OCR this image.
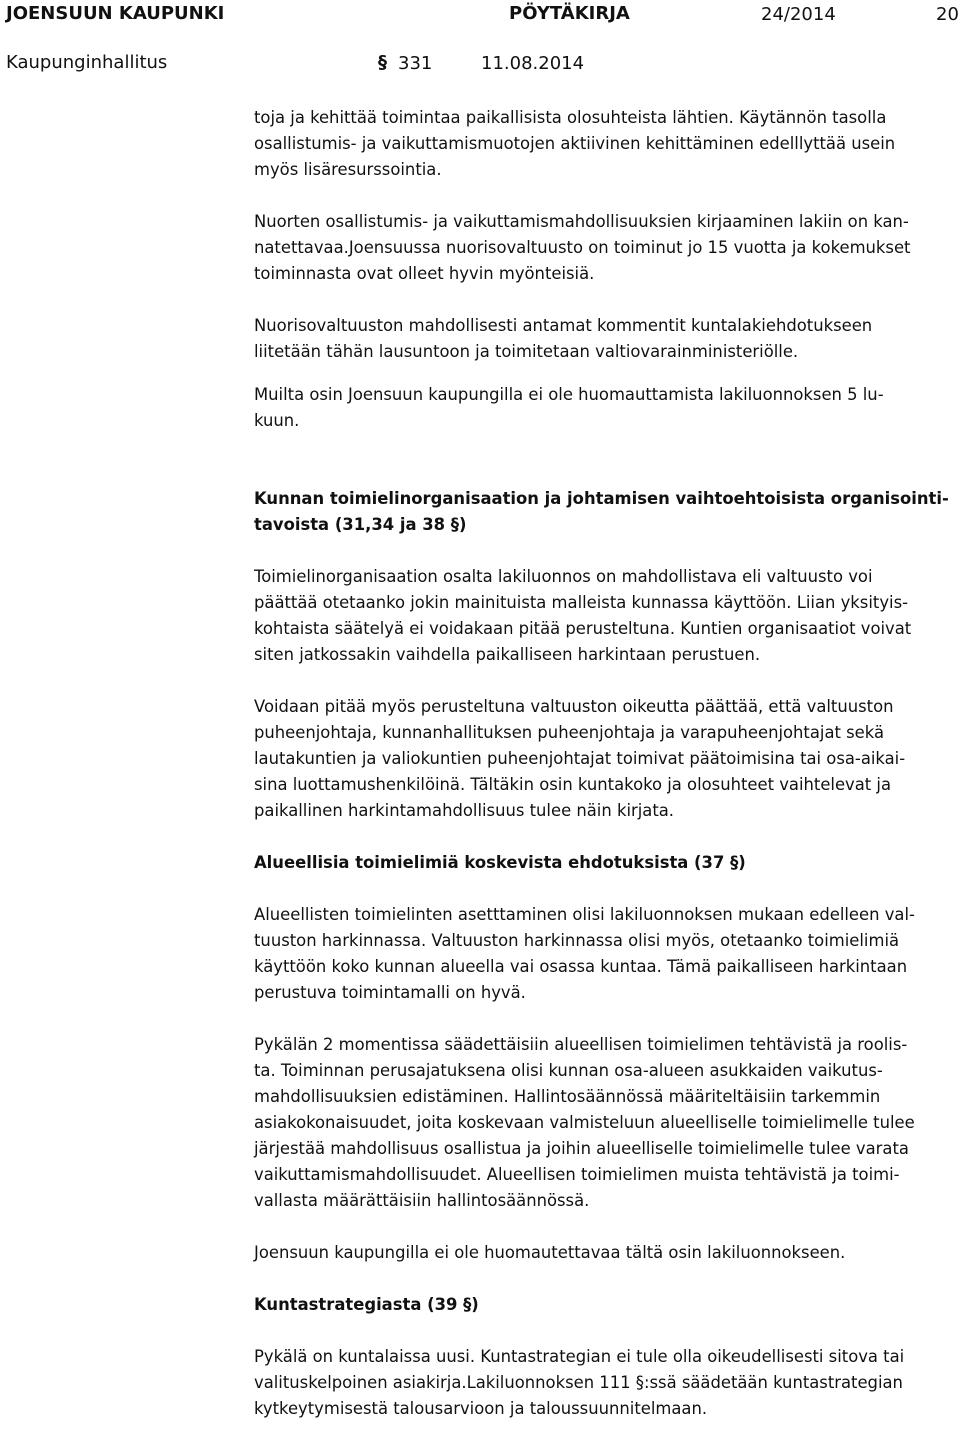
JOENSUUN KAUPUNKI	PÖYTÄKIRJA	24/2014	20
Kaupunginhallitus	§ 331	11.08.2014

toja ja kehittää toimintaa paikallisista olosuhteista lähtien. Käytännön tasolla

osallistumis- ja vaikuttamismuotojen aktiivinen kehittäminen edelllyttää usein

myös lisäresurssointia.

Nuorten osallistumis- ja vaikuttamismahdollisuuksien kirjaaminen lakiin on kan-

natettavaa.Joensuussa nuorisovaltuusto on toiminut jo 15 vuotta ja kokemukset

toiminnasta ovat olleet hyvin myönteisiä.

Nuorisovaltuuston mahdollisesti antamat kommentit kuntalakiehdotukseen

liitetään tähän lausuntoon ja toimitetaan valtiovarainministeriölle.

Muilta osin Joensuun kaupungilla ei ole huomauttamista lakiluonnoksen 5 lu-

kuun.

Kunnan toimielinorganisaation ja johtamisen vaihtoehtoisista organisointi-

tavoista (31,34 ja 38 §)

Toimielinorganisaation osalta lakiluonnos on mahdollistava eli valtuusto voi

päättää otetaanko jokin mainituista malleista kunnassa käyttöön. Liian yksityis-

kohtaista säätelyä ei voidakaan pitää perusteltuna. Kuntien organisaatiot voivat

siten jatkossakin vaihdella paikalliseen harkintaan perustuen.

Voidaan pitää myös perusteltuna valtuuston oikeutta päättää, että valtuuston

puheenjohtaja, kunnanhallituksen puheenjohtaja ja varapuheenjohtajat sekä

lautakuntien ja valiokuntien puheenjohtajat toimivat päätoimisina tai osa-aikai-

sina luottamushenkilöinä. Tältäkin osin kuntakoko ja olosuhteet vaihtelevat ja

paikallinen harkintamahdollisuus tulee näin kirjata.

Alueellisia toimielimiä koskevista ehdotuksista (37 §)

Alueellisten toimielinten asetttaminen olisi lakiluonnoksen mukaan edelleen val-

tuuston harkinnassa. Valtuuston harkinnassa olisi myös, otetaanko toimielimiä

käyttöön koko kunnan alueella vai osassa kuntaa. Tämä paikalliseen harkintaan

perustuva toimintamalli on hyvä.

Pykälän 2 momentissa säädettäisiin alueellisen toimielimen tehtävistä ja roolis-

ta. Toiminnan perusajatuksena olisi kunnan osa-alueen asukkaiden vaikutus-

mahdollisuuksien edistäminen. Hallintosäännössä määriteltäisiin tarkemmin

asiakokonaisuudet, joita koskevaan valmisteluun alueelliselle toimielimelle tulee

järjestää mahdollisuus osallistua ja joihin alueelliselle toimielimelle tulee varata

vaikuttamismahdollisuudet. Alueellisen toimielimen muista tehtävistä ja toimi-

vallasta määrättäisiin hallintosäännössä.

Joensuun kaupungilla ei ole huomautettavaa tältä osin lakiluonnokseen.

Kuntastrategiasta (39 §)

Pykälä on kuntalaissa uusi. Kuntastrategian ei tule olla oikeudellisesti sitova tai

valituskelpoinen asiakirja.Lakiluonnoksen 111 §:ssä säädetään kuntastrategian

kytkeytymisestä talousarvioon ja taloussuunnitelmaan.
